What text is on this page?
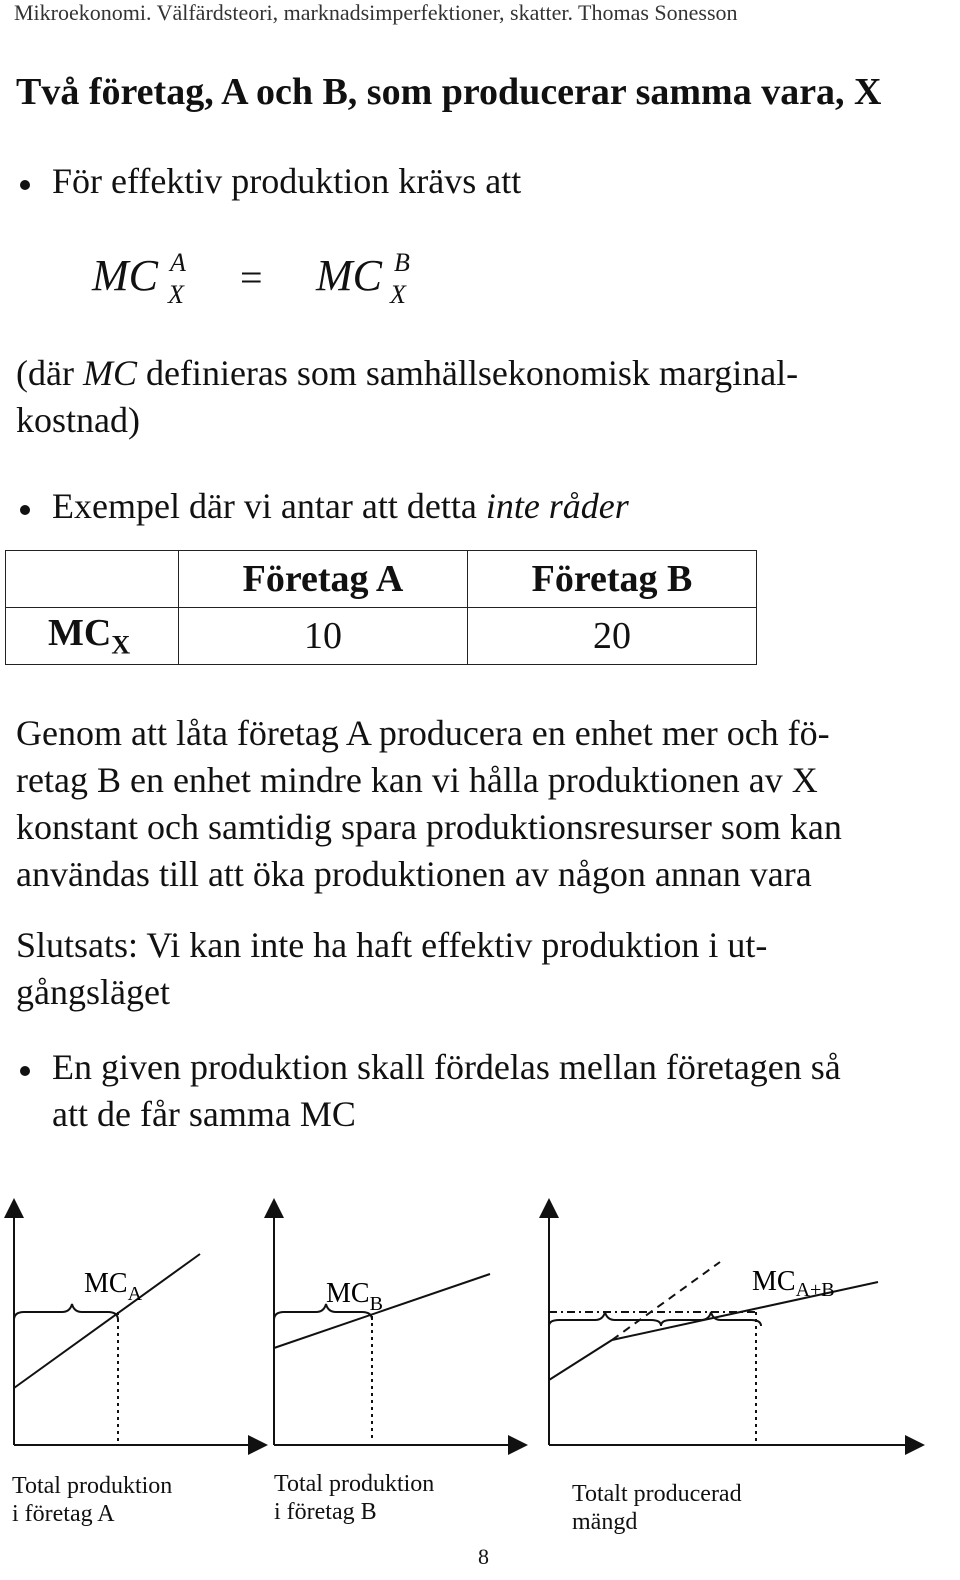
Mikroekonomi. Välfärdsteori, marknadsimperfektioner, skatter. Thomas Sonesson
Två företag, A och B, som producerar samma vara, X
För effektiv produktion krävs att
MC A
X = MC B
X
(där MC definieras som samhällsekonomisk marginal-
kostnad)
Exempel där vi antar att detta inte råder
	Företag A	Företag B
$MC_X$	10	20
Genom att låta företag A producera en enhet mer och fö-
retag B en enhet mindre kan vi hålla produktionen av X
konstant och samtidig spara produktionsresurser som kan
användas till att öka produktionen av någon annan vara
Slutsats: Vi kan inte ha haft effektiv produktion i ut-
gångsläget
En given produktion skall fördelas mellan företagen så
att de får samma MC
$MC_A$	$MC_B$
$MC_{A+B}$
Total produktion
i företag A
Total produktion
i företag B
Totalt producerad
mängd
8
